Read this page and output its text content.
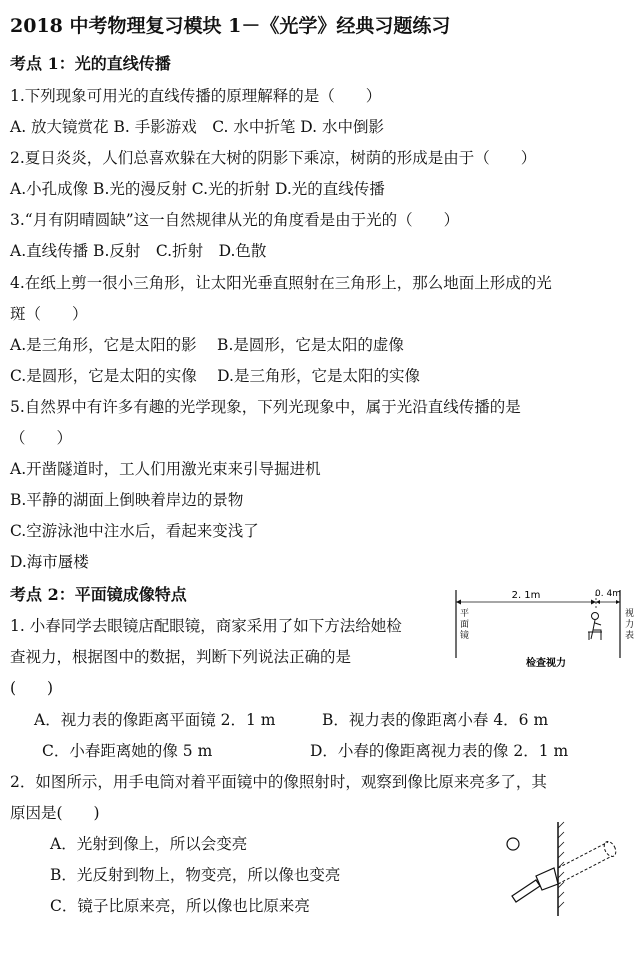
2018 中考物理复习模块 1－《光学》经典习题练习
考点 1：光的直线传播
1.下列现象可用光的直线传播的原理解释的是（　　）
A. 放大镜赏花 B. 手影游戏　C. 水中折笔 D. 水中倒影
2.夏日炎炎，人们总喜欢躲在大树的阴影下乘凉，树荫的形成是由于（　　）
A.小孔成像 B.光的漫反射 C.光的折射 D.光的直线传播
3.“月有阴晴圆缺”这一自然规律从光的角度看是由于光的（　　）
A.直线传播 B.反射　C.折射　D.色散
4.在纸上剪一很小三角形，让太阳光垂直照射在三角形上，那么地面上形成的光
斑（　　）
A.是三角形，它是太阳的影　 B.是圆形，它是太阳的虚像
C.是圆形，它是太阳的实像　 D.是三角形，它是太阳的实像
5.自然界中有许多有趣的光学现象，下列光现象中，属于光沿直线传播的是
（　　）
A.开凿隧道时，工人们用激光束来引导掘进机
B.平静的湖面上倒映着岸边的景物
C.空游泳池中注水后，看起来变浅了
D.海市蜃楼
考点 2：平面镜成像特点
1. 小春同学去眼镜店配眼镜，商家采用了如下方法给她检
查视力，根据图中的数据，判断下列说法正确的是
(　　)
A．视力表的像距离平面镜 2．1 m	B．视力表的像距离小春 4．6 m
C．小春距离她的像 5 m	D．小春的像距离视力表的像 2．1 m
2．如图所示，用手电筒对着平面镜中的像照射时，观察到像比原来亮多了，其
原因是(　　)
A．光射到像上，所以会变亮
B．光反射到物上，物变亮，所以像也变亮
C．镜子比原来亮，所以像也比原来亮
2. 1m	0. 4m
平
面
镜
视
力
表
检查视力
